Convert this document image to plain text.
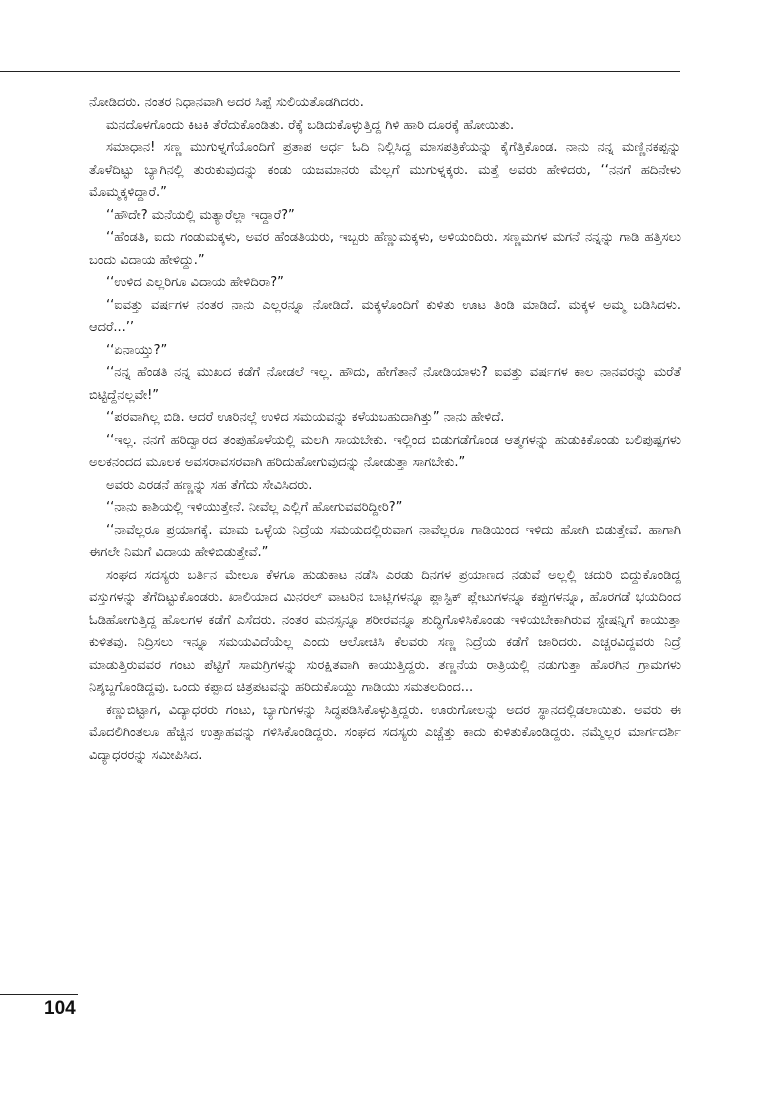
ನೋಡಿದರು. ನಂತರ ನಿಧಾನವಾಗಿ ಅದರ ಸಿಪ್ಪೆ ಸುಲಿಯತೊಡಗಿದರು.

ಮನದೊಳಗೊಂದು ಕಿಟಕಿ ತೆರೆದುಕೊಂಡಿತು. ರೆಕ್ಕೆ ಬಡಿದುಕೊಳ್ಳುತ್ತಿದ್ದ ಗಿಳಿ ಹಾರಿ ದೂರಕ್ಕೆ ಹೋಯಿತು.

ಸಮಾಧಾನ! ಸಣ್ಣ ಮುಗುಳ್ನಗೆಯೊಂದಿಗೆ ಪ್ರತಾಪ ಅರ್ಧ ಓದಿ ನಿಲ್ಲಿಸಿದ್ದ ಮಾಸಪತ್ರಿಕೆಯನ್ನು ಕೈಗೆತ್ತಿಕೊಂಡ. ನಾನು ನನ್ನ ಮಣ್ಣಿನಕಪ್ಪನ್ನು ತೊಳೆದಿಟ್ಟು ಬ್ಯಾಗಿನಲ್ಲಿ ತುರುಕುವುದನ್ನು ಕಂಡು ಯಜಮಾನರು ಮೆಲ್ಲಗೆ ಮುಗುಳ್ನಕ್ಕರು. ಮತ್ತೆ ಅವರು ಹೇಳಿದರು, ‘‘ನನಗೆ ಹದಿನೇಳು ಮೊಮ್ಮಕ್ಕಳಿದ್ದಾರೆ.”

‘‘ಹೌದೇ? ಮನೆಯಲ್ಲಿ ಮತ್ಯಾರೆಲ್ಲಾ ಇದ್ದಾರೆ?”

‘‘ಹೆಂಡತಿ, ಐದು ಗಂಡುಮಕ್ಕಳು, ಅವರ ಹೆಂಡತಿಯರು, ಇಬ್ಬರು ಹೆಣ್ಣುಮಕ್ಕಳು, ಅಳಿಯಂದಿರು. ಸಣ್ಣಮಗಳ ಮಗನೆ ನನ್ನನ್ನು ಗಾಡಿ ಹತ್ತಿಸಲು ಬಂದು ವಿದಾಯ ಹೇಳಿದ್ದು.”

‘‘ಉಳಿದ ಎಲ್ಲರಿಗೂ ವಿದಾಯ ಹೇಳಿದಿರಾ?”

‘‘ಐವತ್ತು ವರ್ಷಗಳ ನಂತರ ನಾನು ಎಲ್ಲರನ್ನೂ ನೋಡಿದೆ. ಮಕ್ಕಳೊಂದಿಗೆ ಕುಳಿತು ಊಟ ತಿಂಡಿ ಮಾಡಿದೆ. ಮಕ್ಕಳ ಅಮ್ಮ ಬಡಿಸಿದಳು. ಆದರೆ...’’

‘‘ಏನಾಯ್ತು?”

‘‘ನನ್ನ ಹೆಂಡತಿ ನನ್ನ ಮುಖದ ಕಡೆಗೆ ನೋಡಲೆ ಇಲ್ಲ. ಹೌದು, ಹೇಗೆತಾನೆ ನೋಡಿಯಾಳು? ಐವತ್ತು ವರ್ಷಗಳ ಕಾಲ ನಾನವರನ್ನು ಮರೆತೆ ಬಿಟ್ಟಿದ್ದೆನಲ್ಲವೇ!”

‘‘ಪರವಾಗಿಲ್ಲ ಬಿಡಿ. ಆದರೆ ಊರಿನಲ್ಲೆ ಉಳಿದ ಸಮಯವನ್ನು ಕಳೆಯಬಹುದಾಗಿತ್ತು” ನಾನು ಹೇಳಿದೆ.

‘‘ಇಲ್ಲ. ನನಗೆ ಹರಿದ್ವಾರದ ತಂಪುಹೊಳೆಯಲ್ಲಿ ಮಲಗಿ ಸಾಯಬೇಕು. ಇಲ್ಲಿಂದ ಬಿಡುಗಡೆಗೊಂಡ ಆತ್ಮಗಳನ್ನು ಹುಡುಕಿಕೊಂಡು ಬಲಿಪುಷ್ಪಗಳು ಅಲಕನಂದದ ಮೂಲಕ ಅವಸರಾವಸರವಾಗಿ ಹರಿದುಹೋಗುವುದನ್ನು ನೋಡುತ್ತಾ ಸಾಗಬೇಕು.”

ಅವರು ಎರಡನೆ ಹಣ್ಣನ್ನು ಸಹ ತೆಗೆದು ಸೇವಿಸಿದರು.

‘‘ನಾನು ಕಾಶಿಯಲ್ಲಿ ಇಳಿಯುತ್ತೇನೆ. ನೀವೆಲ್ಲ ಎಲ್ಲಿಗೆ ಹೋಗುವವರಿದ್ದೀರಿ?”

‘‘ನಾವೆಲ್ಲರೂ ಪ್ರಯಾಗಕ್ಕೆ. ಮಾಮ ಒಳ್ಳೆಯ ನಿದ್ರೆಯ ಸಮಯದಲ್ಲಿರುವಾಗ ನಾವೆಲ್ಲರೂ ಗಾಡಿಯಿಂದ ಇಳಿದು ಹೋಗಿ ಬಿಡುತ್ತೇವೆ. ಹಾಗಾಗಿ ಈಗಲೇ ನಿಮಗೆ ವಿದಾಯ ಹೇಳಿಬಿಡುತ್ತೇವೆ.”

ಸಂಘದ ಸದಸ್ಯರು ಬರ್ತಿನ ಮೇಲೂ ಕೆಳಗೂ ಹುಡುಕಾಟ ನಡೆಸಿ ಎರಡು ದಿನಗಳ ಪ್ರಯಾಣದ ನಡುವೆ ಅಲ್ಲಲ್ಲಿ ಚದುರಿ ಬಿದ್ದುಕೊಂಡಿದ್ದ ವಸ್ತುಗಳನ್ನು ತೆಗೆದಿಟ್ಟುಕೊಂಡರು. ಖಾಲಿಯಾದ ಮಿನರಲ್ ವಾಟರಿನ ಬಾಟ್ಲಿಗಳನ್ನೂ ಪ್ಲಾಸ್ಟಿಕ್ ಪ್ಲೇಟುಗಳನ್ನೂ ಕಪ್ಪುಗಳನ್ನೂ, ಹೊರಗಡೆ ಭಯದಿಂದ ಓಡಿಹೋಗುತ್ತಿದ್ದ ಹೊಲಗಳ ಕಡೆಗೆ ಎಸೆದರು. ನಂತರ ಮನಸ್ಸನ್ನೂ ಶರೀರವನ್ನೂ ಶುದ್ಧಿಗೊಳಿಸಿಕೊಂಡು ಇಳಿಯಬೇಕಾಗಿರುವ ಸ್ಟೇಷನ್ನಿಗೆ ಕಾಯುತ್ತಾ ಕುಳಿತವು. ನಿದ್ರಿಸಲು ಇನ್ನೂ ಸಮಯವಿದೆಯೆಲ್ಲ ಎಂದು ಆಲೋಚಿಸಿ ಕೆಲವರು ಸಣ್ಣ ನಿದ್ರೆಯ ಕಡೆಗೆ ಜಾರಿದರು. ಎಚ್ಚರವಿದ್ದವರು ನಿದ್ರೆ ಮಾಡುತ್ತಿರುವವರ ಗಂಟು ಪೆಟ್ಟಿಗೆ ಸಾಮಗ್ರಿಗಳನ್ನು ಸುರಕ್ಷಿತವಾಗಿ ಕಾಯುತ್ತಿದ್ದರು. ತಣ್ಣನೆಯ ರಾತ್ರಿಯಲ್ಲಿ ನಡುಗುತ್ತಾ ಹೊರಗಿನ ಗ್ರಾಮಗಳು ನಿಶ್ಶಬ್ದಗೊಂಡಿದ್ದವು. ಒಂದು ಕಪ್ಪಾದ ಚಿತ್ರಪಟವನ್ನು ಹರಿದುಕೊಯ್ದು ಗಾಡಿಯು ಸಮತಲದಿಂದ...

ಕಣ್ಣುಬಿಟ್ಟಾಗ, ವಿದ್ಯಾಧರರು ಗಂಟು, ಬ್ಯಾಗುಗಳನ್ನು ಸಿದ್ಧಪಡಿಸಿಕೊಳ್ಳುತ್ತಿದ್ದರು. ಊರುಗೋಲನ್ನು ಅದರ ಸ್ಥಾನದಲ್ಲಿಡಲಾಯಿತು. ಅವರು ಈ ಮೊದಲಿಗಿಂತಲೂ ಹೆಚ್ಚಿನ ಉತ್ಸಾಹವನ್ನು ಗಳಿಸಿಕೊಂಡಿದ್ದರು. ಸಂಘದ ಸದಸ್ಯರು ಎಚ್ಚೆತ್ತು ಕಾದು ಕುಳಿತುಕೊಂಡಿದ್ದರು. ನಮ್ಮೆಲ್ಲರ ಮಾರ್ಗದರ್ಶಿ ವಿದ್ಯಾಧರರನ್ನು ಸಮೀಪಿಸಿದ.

104
